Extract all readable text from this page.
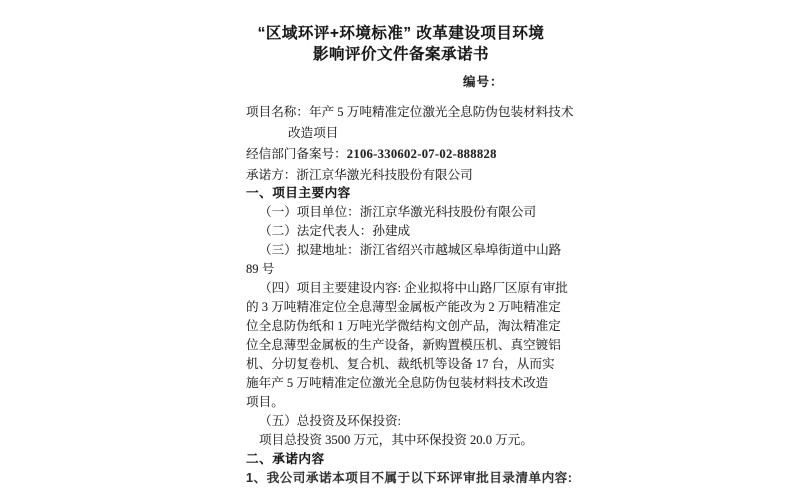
“区域环评+环境标准” 改革建设项目环境
影响评价文件备案承诺书
编号：
项目名称：年产 5 万吨精准定位激光全息防伪包装材料技术
改造项目
经信部门备案号：2106-330602-07-02-888828
承诺方：浙江京华激光科技股份有限公司
一、项目主要内容
（一）项目单位：浙江京华激光科技股份有限公司
（二）法定代表人：孙建成
（三）拟建地址：浙江省绍兴市越城区皋埠街道中山路
89 号
（四）项目主要建设内容: 企业拟将中山路厂区原有审批
的 3 万吨精准定位全息薄型金属板产能改为 2 万吨精准定
位全息防伪纸和 1 万吨光学微结构文创产品，淘汰精准定
位全息薄型金属板的生产设备，新购置模压机、真空镀铝
机、分切复卷机、复合机、裁纸机等设备 17 台，从而实
施年产 5 万吨精准定位激光全息防伪包装材料技术改造
项目。
（五）总投资及环保投资:
项目总投资 3500 万元，其中环保投资 20.0 万元。
二、承诺内容
1、我公司承诺本项目不属于以下环评审批目录清单内容:
